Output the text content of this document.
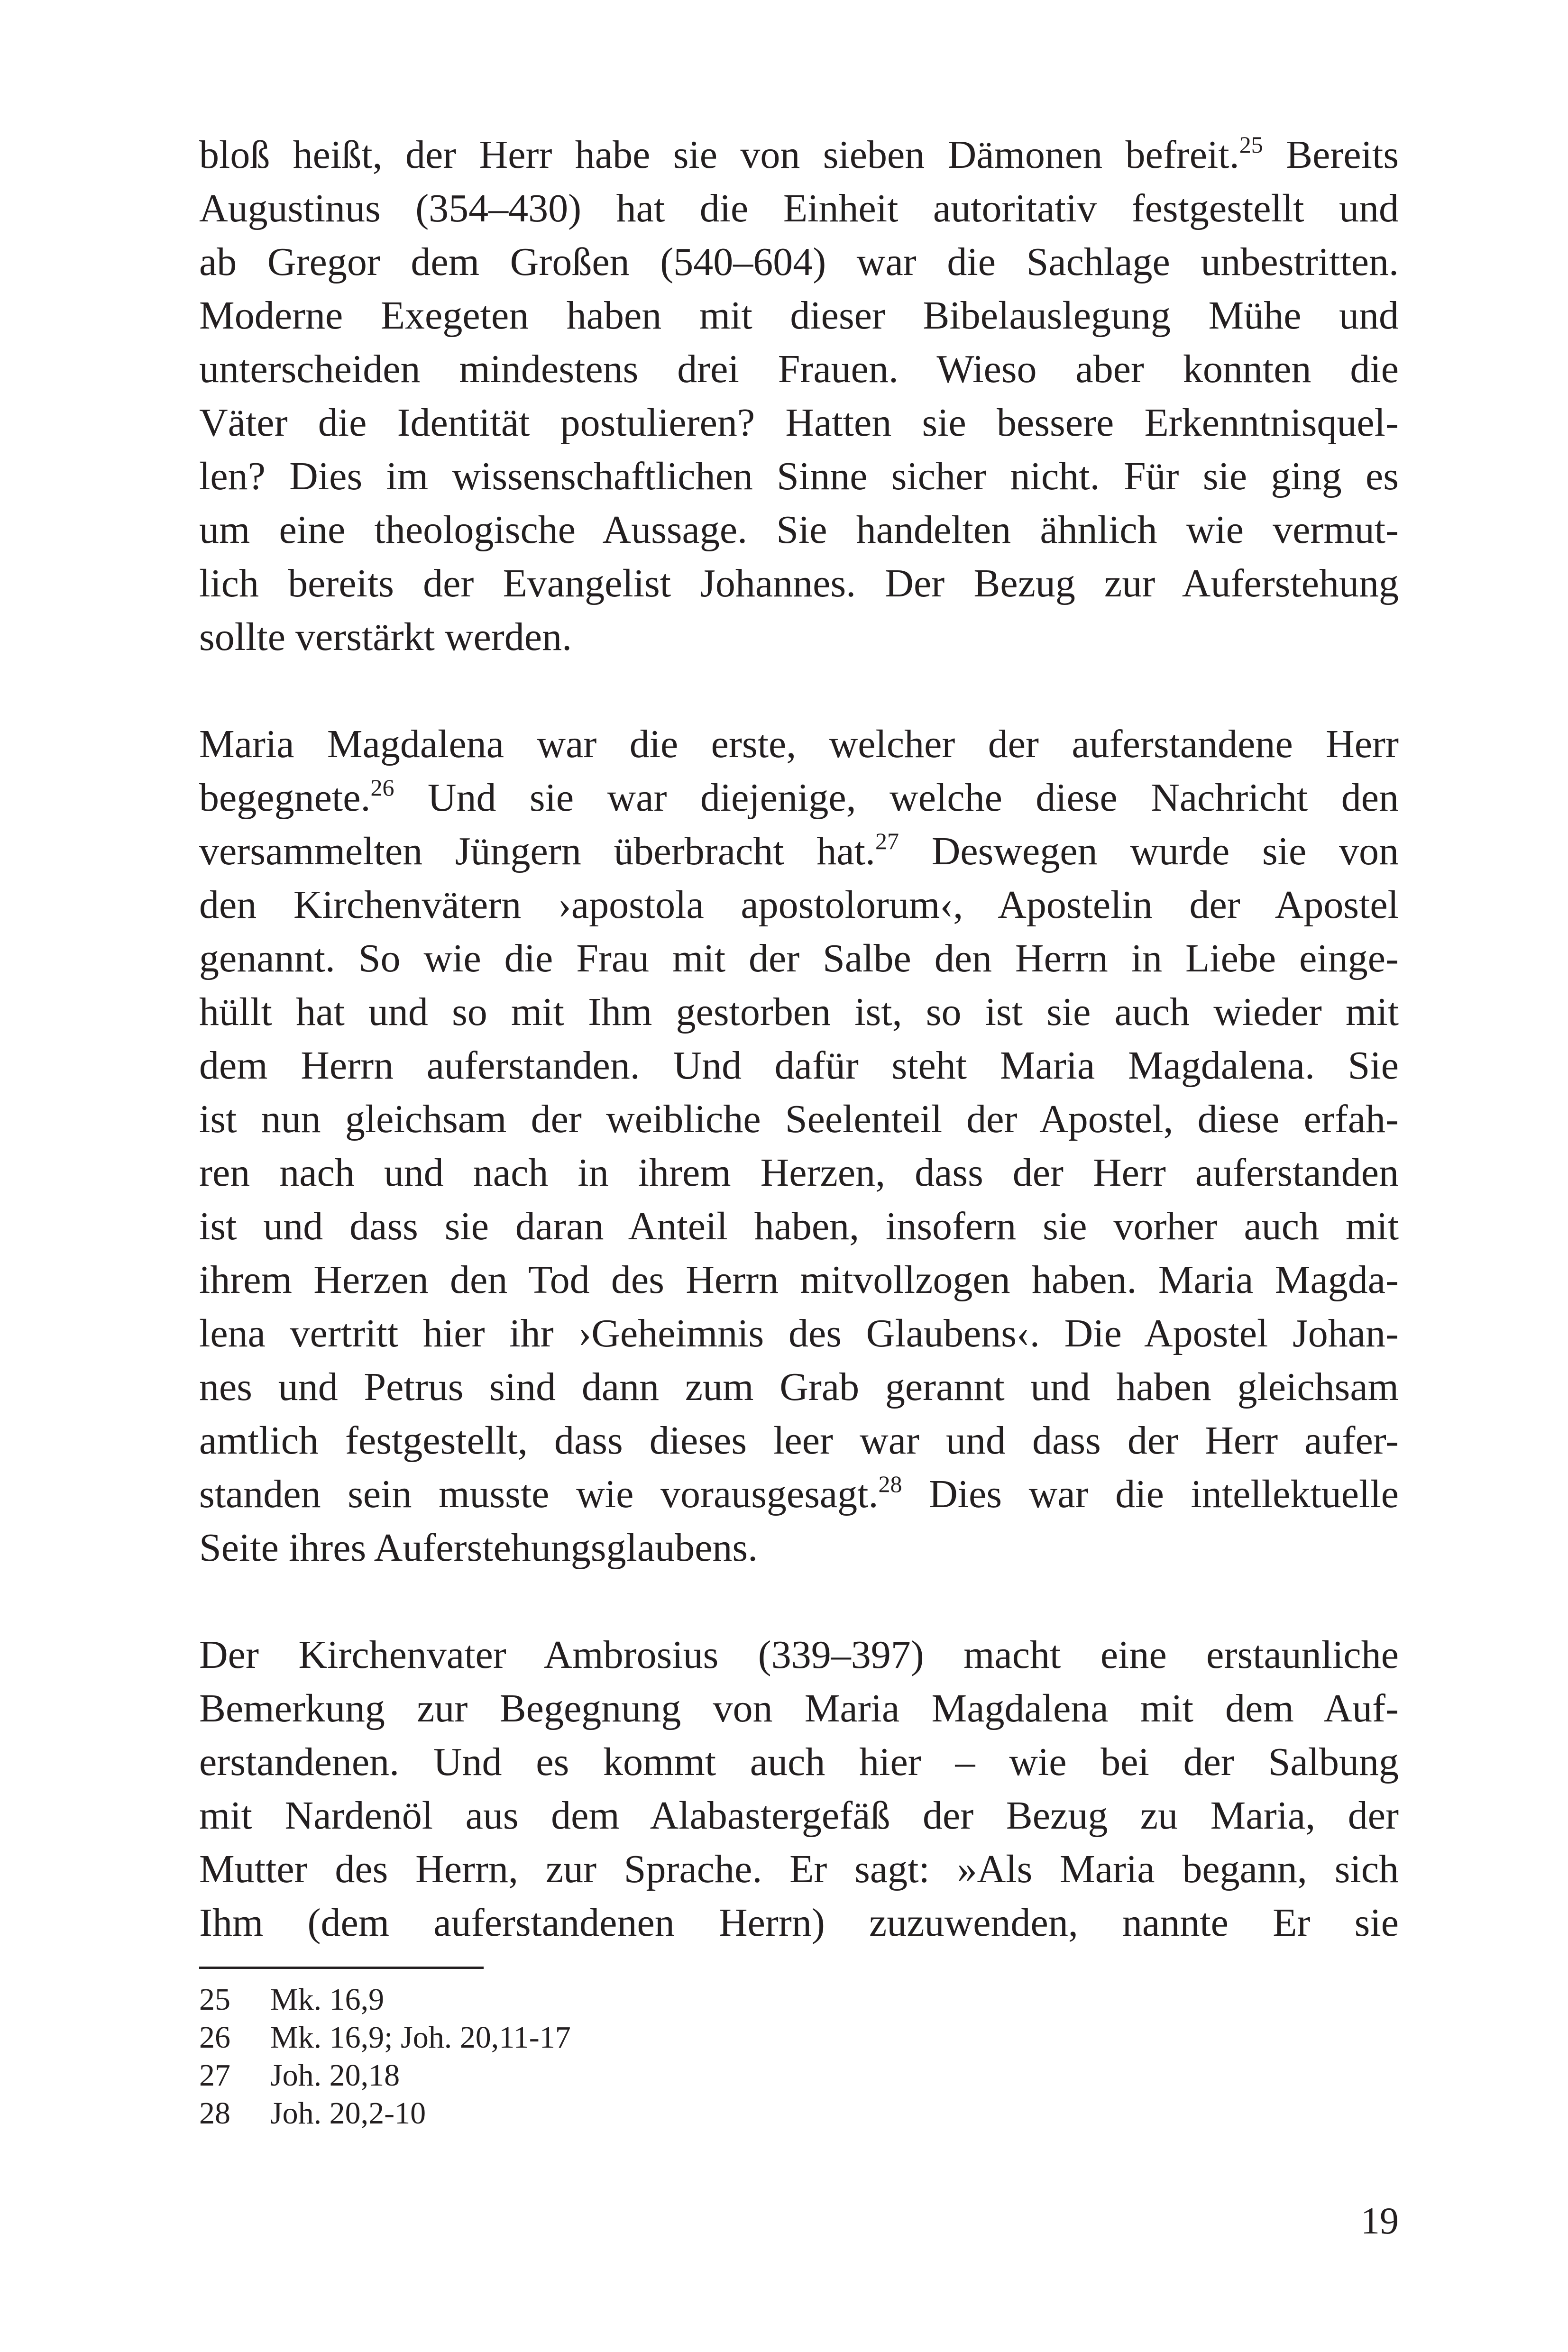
bloß heißt, der Herr habe sie von sieben Dämonen befreit.$^{25}$ Bereits
Augustinus (354–430) hat die Einheit autoritativ festgestellt und
ab Gregor dem Großen (540–604) war die Sachlage unbestritten.
Moderne Exegeten haben mit dieser Bibelauslegung Mühe und
unterscheiden mindestens drei Frauen. Wieso aber konnten die
Väter die Identität postulieren? Hatten sie bessere Erkenntnisquel-
len? Dies im wissenschaftlichen Sinne sicher nicht. Für sie ging es
um eine theologische Aussage. Sie handelten ähnlich wie vermut-
lich bereits der Evangelist Johannes. Der Bezug zur Auferstehung
sollte verstärkt werden.

Maria Magdalena war die erste, welcher der auferstandene Herr
begegnete.$^{26}$ Und sie war diejenige, welche diese Nachricht den
versammelten Jüngern überbracht hat.$^{27}$ Deswegen wurde sie von
den Kirchenvätern ›apostola apostolorum‹, Apostelin der Apostel
genannt. So wie die Frau mit der Salbe den Herrn in Liebe einge-
hüllt hat und so mit Ihm gestorben ist, so ist sie auch wieder mit
dem Herrn auferstanden. Und dafür steht Maria Magdalena. Sie
ist nun gleichsam der weibliche Seelenteil der Apostel, diese erfah-
ren nach und nach in ihrem Herzen, dass der Herr auferstanden
ist und dass sie daran Anteil haben, insofern sie vorher auch mit
ihrem Herzen den Tod des Herrn mitvollzogen haben. Maria Magda-
lena vertritt hier ihr ›Geheimnis des Glaubens‹. Die Apostel Johan-
nes und Petrus sind dann zum Grab gerannt und haben gleichsam
amtlich festgestellt, dass dieses leer war und dass der Herr aufer-
standen sein musste wie vorausgesagt.$^{28}$ Dies war die intellektuelle
Seite ihres Auferstehungsglaubens.

Der Kirchenvater Ambrosius (339–397) macht eine erstaunliche
Bemerkung zur Begegnung von Maria Magdalena mit dem Auf-
erstandenen. Und es kommt auch hier – wie bei der Salbung
mit Nardenöl aus dem Alabastergefäß der Bezug zu Maria, der
Mutter des Herrn, zur Sprache. Er sagt: »Als Maria begann, sich
Ihm (dem auferstandenen Herrn) zuzuwenden, nannte Er sie

25	Mk. 16,9
26	Mk. 16,9; Joh. 20,11-17
27	Joh. 20,18
28	Joh. 20,2-10
19
